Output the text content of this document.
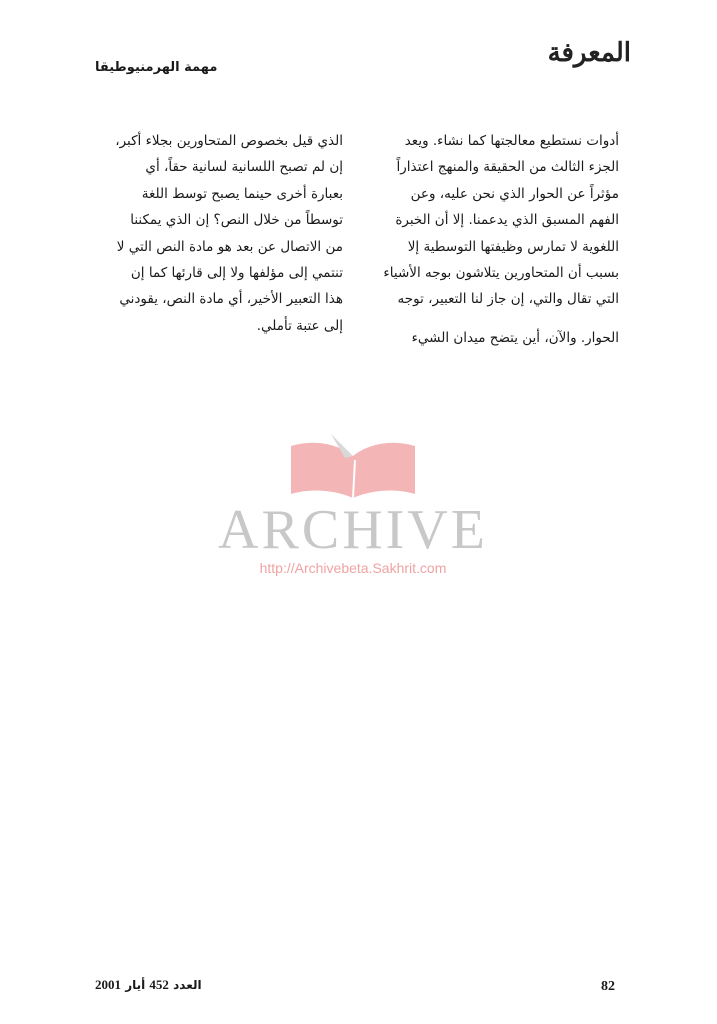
المعرفة
مهمة الهرمنيوطيقا
أدوات نستطيع معالجتها كما نشاء. ويعد
الجزء الثالث من الحقيقة والمنهج اعتذاراً
مؤثراً عن الحوار الذي نحن عليه، وعن
الفهم المسبق الذي يدعمنا. إلا أن الخبرة
اللغوية لا تمارس وظيفتها التوسطية إلا
بسبب أن المتحاورين يتلاشون بوجه الأشياء
التي تقال والتي، إن جاز لنا التعبير، توجه
الحوار. والآن، أين يتضح ميدان الشيء
الذي قيل بخصوص المتحاورين بجلاء أكبر،
إن لم تصبح اللسانية لسانية حقاً، أي
بعبارة أخرى حينما يصبح توسط اللغة
توسطاً من خلال النص؟ إن الذي يمكننا
من الاتصال عن بعد هو مادة النص التي لا
تنتمي إلى مؤلفها ولا إلى قارئها كما إن
هذا التعبير الأخير، أي مادة النص، يقودني
إلى عتبة تأملي.
ARCHIVE
http://Archivebeta.Sakhrit.com
العدد 452 أيار 2001	82
